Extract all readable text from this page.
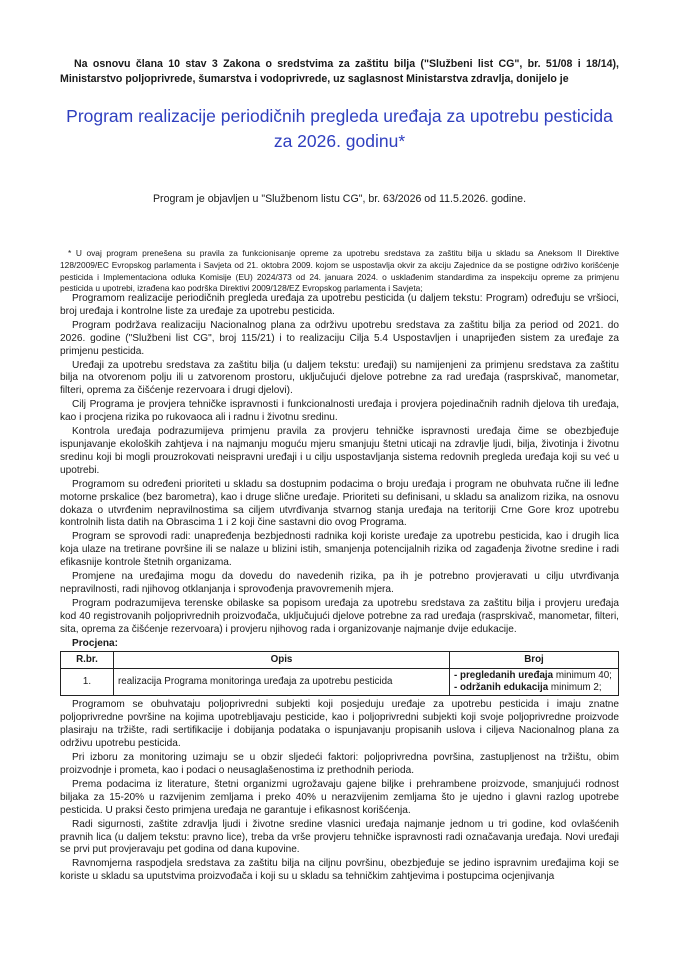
Na osnovu člana 10 stav 3 Zakona o sredstvima za zaštitu bilja ("Službeni list CG", br. 51/08 i 18/14), Ministarstvo poljoprivrede, šumarstva i vodoprivrede, uz saglasnost Ministarstva zdravlja, donijelo je

Program realizacije periodičnih pregleda uređaja za upotrebu pesticida za 2026. godinu*

Program je objavljen u "Službenom listu CG", br. 63/2026 od 11.5.2026. godine.

* U ovaj program prenešena su pravila za funkcionisanje opreme za upotrebu sredstava za zaštitu bilja u skladu sa Aneksom II Direktive 128/2009/EC Evropskog parlamenta i Savjeta od 21. oktobra 2009. kojom se uspostavlja okvir za akciju Zajednice da se postigne održivo korišćenje pesticida i Implementaciona odluka Komisije (EU) 2024/373 od 24. januara 2024. o usklađenim standardima za inspekciju opreme za primjenu pesticida u upotrebi, izrađena kao podrška Direktivi 2009/128/EZ Evropskog parlamenta i Savjeta;

Programom realizacije periodičnih pregleda uređaja za upotrebu pesticida (u daljem tekstu: Program) određuju se vršioci, broj uređaja i kontrolne liste za uređaje za upotrebu pesticida.

Program podržava realizaciju Nacionalnog plana za održivu upotrebu sredstava za zaštitu bilja za period od 2021. do 2026. godine ("Službeni list CG", broj 115/21) i to realizaciju Cilja 5.4 Uspostavljen i unaprijeđen sistem za uređaje za primjenu pesticida.

Uređaji za upotrebu sredstava za zaštitu bilja (u daljem tekstu: uređaji) su namijenjeni za primjenu sredstava za zaštitu bilja na otvorenom polju ili u zatvorenom prostoru, uključujući djelove potrebne za rad uređaja (rasprskivač, manometar, filteri, oprema za čišćenje rezervoara i drugi djelovi).

Cilj Programa je provjera tehničke ispravnosti i funkcionalnosti uređaja i provjera pojedinačnih radnih djelova tih uređaja, kao i procjena rizika po rukovaoca ali i radnu i životnu sredinu.

Kontrola uređaja podrazumijeva primjenu pravila za provjeru tehničke ispravnosti uređaja čime se obezbjeđuje ispunjavanje ekoloških zahtjeva i na najmanju moguću mjeru smanjuju štetni uticaji na zdravlje ljudi, bilja, životinja i životnu sredinu koji bi mogli prouzrokovati neispravni uređaji i u cilju uspostavljanja sistema redovnih pregleda uređaja koji su već u upotrebi.

Programom su određeni prioriteti u skladu sa dostupnim podacima o broju uređaja i program ne obuhvata ručne ili leđne motorne prskalice (bez barometra), kao i druge slične uređaje. Prioriteti su definisani, u skladu sa analizom rizika, na osnovu dokaza o utvrđenim nepravilnostima sa ciljem utvrđivanja stvarnog stanja uređaja na teritoriji Crne Gore kroz upotrebu kontrolnih lista datih na Obrascima 1 i 2 koji čine sastavni dio ovog Programa.

Program se sprovodi radi: unapređenja bezbjednosti radnika koji koriste uređaje za upotrebu pesticida, kao i drugih lica koja ulaze na tretirane površine ili se nalaze u blizini istih, smanjenja potencijalnih rizika od zagađenja životne sredine i radi efikasnije kontrole štetnih organizama.

Promjene na uređajima mogu da dovedu do navedenih rizika, pa ih je potrebno provjeravati u cilju utvrđivanja nepravilnosti, radi njihovog otklanjanja i sprovođenja pravovremenih mjera.

Program podrazumijeva terenske obilaske sa popisom uređaja za upotrebu sredstava za zaštitu bilja i provjeru uređaja kod 40 registrovanih poljoprivrednih proizvođača, uključujući djelove potrebne za rad uređaja (rasprskivač, manometar, filteri, sita, oprema za čišćenje rezervoara) i provjeru njihovog rada i organizovanje najmanje dvije edukacije.

Procjena:

R.br.	Opis	Broj
1.	realizacija Programa monitoringa uređaja za upotrebu pesticida	- pregledanih uređaja minimum 40;
- održanih edukacija minimum 2;

Programom se obuhvataju poljoprivredni subjekti koji posjeduju uređaje za upotrebu pesticida i imaju znatne poljoprivredne površine na kojima upotrebljavaju pesticide, kao i poljoprivredni subjekti koji svoje poljoprivredne proizvode plasiraju na tržište, radi sertifikacije i dobijanja podataka o ispunjavanju propisanih uslova i ciljeva Nacionalnog plana za održivu upotrebu pesticida.

Pri izboru za monitoring uzimaju se u obzir sljedeći faktori: poljoprivredna površina, zastupljenost na tržištu, obim proizvodnje i prometa, kao i podaci o neusaglašenostima iz prethodnih perioda.

Prema podacima iz literature, štetni organizmi ugrožavaju gajene biljke i prehrambene proizvode, smanjujući rodnost biljaka za 15-20% u razvijenim zemljama i preko 40% u nerazvijenim zemljama što je ujedno i glavni razlog upotrebe pesticida. U praksi često primjena uređaja ne garantuje i efikasnost korišćenja.

Radi sigurnosti, zaštite zdravlja ljudi i životne sredine vlasnici uređaja najmanje jednom u tri godine, kod ovlašćenih pravnih lica (u daljem tekstu: pravno lice), treba da vrše provjeru tehničke ispravnosti radi označavanja uređaja. Novi uređaji se prvi put provjeravaju pet godina od dana kupovine.

Ravnomjerna raspodjela sredstava za zaštitu bilja na ciljnu površinu, obezbjeđuje se jedino ispravnim uređajima koji se koriste u skladu sa uputstvima proizvođača i koji su u skladu sa tehničkim zahtjevima i postupcima ocjenjivanja
